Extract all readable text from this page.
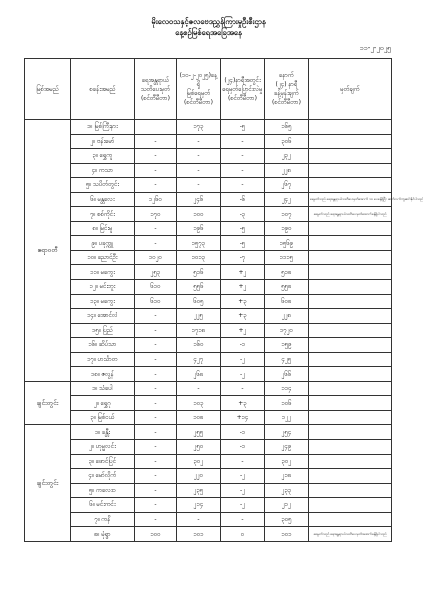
မိုးလေဝသနှင့်ဇလဗေဒညွှန်ကြားမှုဦးစီးဌာန
နေ့စဉ်မြစ်ရေအခြေအနေ
၁၁-၂-၂၀၂၅
မြစ်အမည်	စခန်းအမည်	ရေအန္တရာယ်
သတိပေးမှတ်
(စင်တီမီတာ)	(၁၀-၂-၂၀၂၅)နေ့ရှိ
မြစ်ရေမှတ်
(စင်တီမီတာ)	(၂၄)နာရီအတွင်း
ရေမှတ်ပြောင်းလဲမှု
(စင်တီမီတာ)	နောက်
(၂၄) နာရီ
ခန့်မှန်းချက်
(စင်တီမီတာ)	မှတ်ချက်
ဧရာဝတီ	၁။ မြစ်ကြီးနား		၁၇၃	-၅	၁၆၅	
	၂။ ဗန်းမော်	-	-	-	၃၀၆	
	၃။ ရွှေကူ	-	-	-	၂၃၂	
	၄။ ကသာ	-	-	-	၂၂၈	
	၅။ သပိတ်တွင်း	-	-	-	၂၆၇	
	၆။ မန္တလေး	၁၂၆၀	၂၄၆	-၆	၂၄၂	ရေမှတ်သည် ရေအန္တရာယ်သတိပေးမှတ်အောက် ၁၀ ပေခန့်ရှိပြီး ဆက်လက်ကျဆင်းနိုင်ပါသည်
	၇။ စစ်ကိုင်း	၁၇၀	၁၀၀	-၃	၁၀၇	ရေမှတ်သည် ရေအန္တရာယ်သတိပေးမှတ်အောက်ခန့်ရှိပါသည်
	၈။ မြင်းမူ	-	၁၉၆	-၅	၁၉၀	
	၉။ ပခုက္ကူ	-	၁၅၇၃	-၅	၁၅၆၉	
	၁၀။ ညောင်ဦး	၁၀၂၀	၁၀၁၃	-၇	၁၁၁၅	
	၁၁။ မကွေး	၂၅၃	၅၁၆	+၂	၅၁၈	
	၁၂။ မင်းဘူး	၆၁၀	၅၅၆	+၂	၅၅၈	
	၁၃။ မကွေး	၆၁၀	၆၀၅	+၃	၆၀၈	
	၁၄။ အောင်လံ	-	၂၂၅	+၃	၂၂၈	
	၁၅။ ပြည်	-	၁၇၁၈	+၂	၁၇၂၀	
	၁၆။ ဆိပ်သာ	-	၁၆၀	-၁	၁၅၉	
	၁၇။ ဟင်္သာတ	-	၄၂၇	-၂	၄၂၅	
	၁၈။ ဇလွန်	-	၂၆၈	-၂	၂၆၆	
ချင်းတွင်း	၁။ သံပေါ	-	-	-	၁၁၄	
	၂။ ရွှေဂု	-	၁၀၃	+၃	၁၀၆	
	၃။ မြစ်ငယ်	-	၁၀၈	+၁၄	၁၂၂	
ချင်းတွင်း	၁။ ခန္တီး	-	၂၅၅	-၁	၂၅၄	
	၂။ ဟုမ္မလင်း	-	၂၅၀	-၁	၂၄၉	
	၃။ ဖောင်ပြင်	-	၃၀၂	-	၃၀၂	
	၄။ မော်လိုက်	-	၂၂၀	-၂	၂၁၈	
	၅။ ကလေးဝ	-	၂၃၅	-၂	၂၃၃	
	၆။ မင်းကင်း	-	၂၁၄	-၂	၂၁၂	
	၇။ ကနိ	-	-	-	၃၀၅	
	၈။ မုံရွာ	၁၀၀	၁၀၁	၀	၁၀၁	ရေမှတ်သည် ရေအန္တရာယ်သတိပေးမှတ်အထက်ခန့်ရှိပါသည်
